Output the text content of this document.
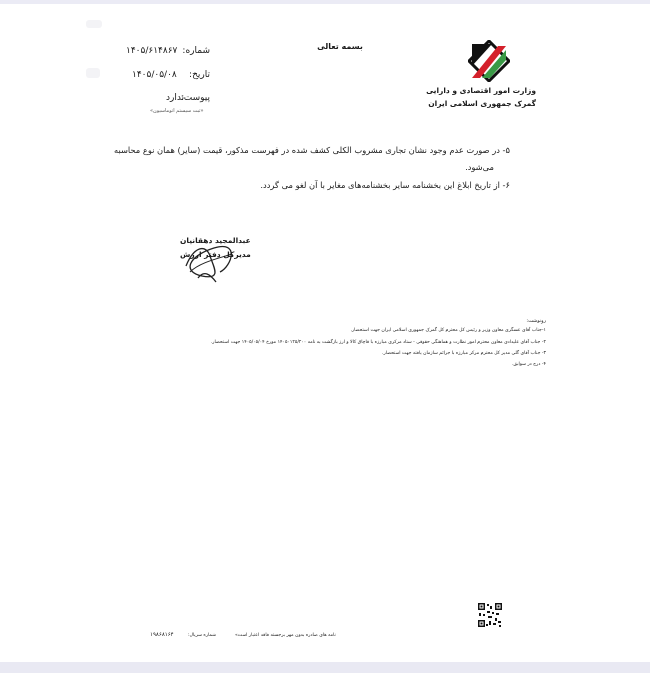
بسمه تعالی
وزارت امور اقتصادی و دارایی
گمرک جمهوری اسلامی ایران
شماره:
۱۴۰۵/۶۱۴۸۶۷
تاریخ:
۱۴۰۵/۰۵/۰۸
پیوست:
ندارد
«ثبت سیستم اتوماسیون»
۵- در صورت عدم وجود نشان تجاری مشروب الکلی کشف شده در فهرست مذکور، قیمت (سایر) همان نوع محاسبه
می‌شود.
۶- از تاریخ ابلاغ این بخشنامه سایر بخشنامه‌های مغایر با آن لغو می گردد.
عبدالمجید دهقانیان
مدیرکل دفتر ارزش
رونوشت:
۱-جناب آقای عسگری معاون وزیر و رئیس کل محترم کل گمرک جمهوری اسلامی ایران جهت استحضار.
۲- جناب آقای علیدادی معاون محترم امور نظارت و هماهنگی حقوقی - ستاد مرکزی مبارزه با قاچاق کالا و ارز بازگشت به نامه ۱۴۰۵۰۱۲۵/۲۰۰ مورخ ۱۴۰۵/۰۵/۰۴ جهت استحضار.
۳- جناب آقای گلی مدیر کل محترم مرکز مبارزه با جرائم سازمان یافته جهت استحضار.
۴- درج در سوابق.
نامه های صادره بدون مهر برجسته فاقد اعتبار است»
شماره سریال:
۱۹۸۶۸۱۶۴
